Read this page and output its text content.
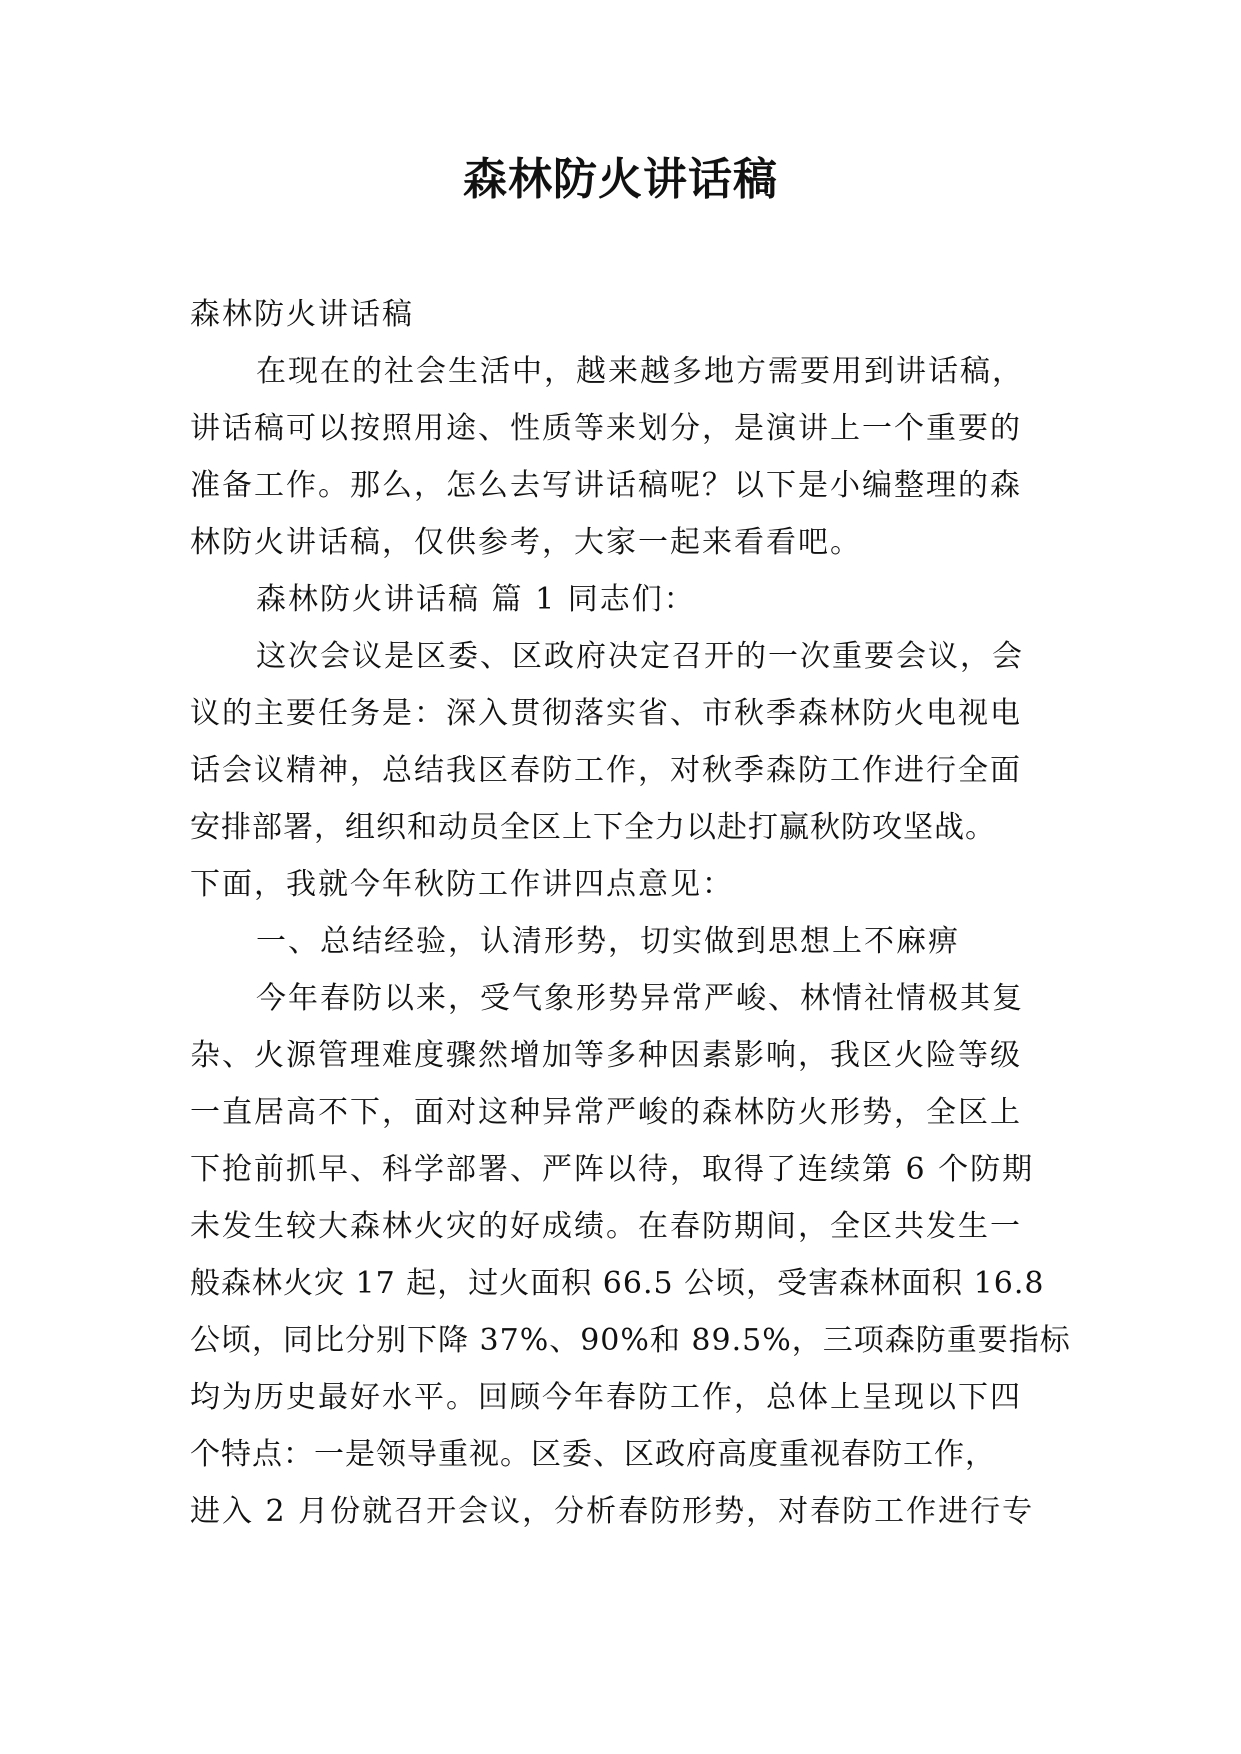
森林防火讲话稿
森林防火讲话稿
在现在的社会生活中，越来越多地方需要用到讲话稿，
讲话稿可以按照用途、性质等来划分，是演讲上一个重要的
准备工作。那么，怎么去写讲话稿呢？以下是小编整理的森
林防火讲话稿，仅供参考，大家一起来看看吧。
森林防火讲话稿 篇 1 同志们：
这次会议是区委、区政府决定召开的一次重要会议，会
议的主要任务是：深入贯彻落实省、市秋季森林防火电视电
话会议精神，总结我区春防工作，对秋季森防工作进行全面
安排部署，组织和动员全区上下全力以赴打赢秋防攻坚战。
下面，我就今年秋防工作讲四点意见：
一、总结经验，认清形势，切实做到思想上不麻痹
今年春防以来，受气象形势异常严峻、林情社情极其复
杂、火源管理难度骤然增加等多种因素影响，我区火险等级
一直居高不下，面对这种异常严峻的森林防火形势，全区上
下抢前抓早、科学部署、严阵以待，取得了连续第 6 个防期
未发生较大森林火灾的好成绩。在春防期间，全区共发生一
般森林火灾 17 起，过火面积 66.5 公顷，受害森林面积 16.8
公顷，同比分别下降 37%、90%和 89.5%，三项森防重要指标
均为历史最好水平。回顾今年春防工作，总体上呈现以下四
个特点：一是领导重视。区委、区政府高度重视春防工作，
进入 2 月份就召开会议，分析春防形势，对春防工作进行专
